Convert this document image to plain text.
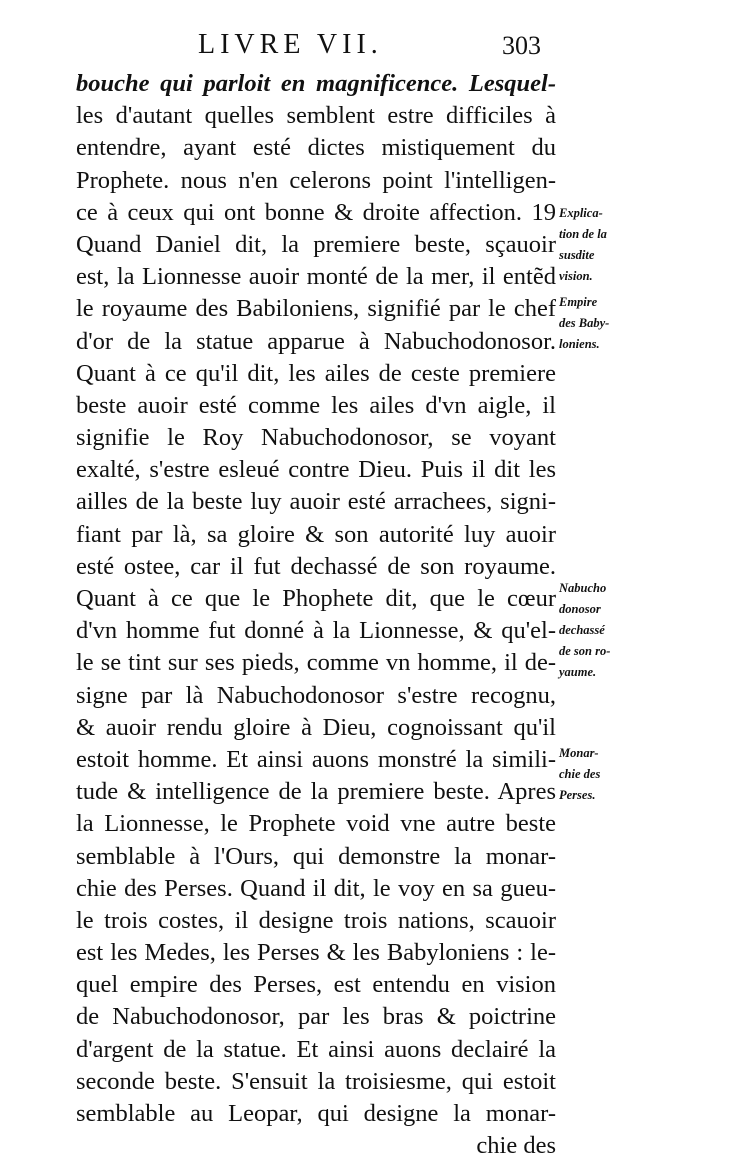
LIVRE VII.	303
bouche qui parloit en magnificence. Lesquel-
les d'autant quelles semblent estre difficiles à
entendre, ayant esté dictes mistiquement du
Prophete. nous n'en celerons point l'intelligen-
ce à ceux qui ont bonne & droite affection. 19
Quand Daniel dit, la premiere beste, sçauoir
est, la Lionnesse auoir monté de la mer, il entẽd
le royaume des Babiloniens, signifié par le chef
d'or de la statue apparue à Nabuchodonosor.
Quant à ce qu'il dit, les ailes de ceste premiere
beste auoir esté comme les ailes d'vn aigle, il
signifie le Roy Nabuchodonosor, se voyant
exalté, s'estre esleué contre Dieu. Puis il dit les
ailles de la beste luy auoir esté arrachees, signi-
fiant par là, sa gloire & son autorité luy auoir
esté ostee, car il fut dechassé de son royaume.
Quant à ce que le Phophete dit, que le cœur
d'vn homme fut donné à la Lionnesse, & qu'el-
le se tint sur ses pieds, comme vn homme, il de-
signe par là Nabuchodonosor s'estre recognu,
& auoir rendu gloire à Dieu, cognoissant qu'il
estoit homme. Et ainsi auons monstré la simili-
tude & intelligence de la premiere beste. Apres
la Lionnesse, le Prophete void vne autre beste
semblable à l'Ours, qui demonstre la monar-
chie des Perses. Quand il dit, le voy en sa gueu-
le trois costes, il designe trois nations, scauoir
est les Medes, les Perses & les Babyloniens : le-
quel empire des Perses, est entendu en vision
de Nabuchodonosor, par les bras & poictrine
d'argent de la statue. Et ainsi auons declairé la
seconde beste. S'ensuit la troisiesme, qui estoit
semblable au Leopar, qui designe la monar-
chie des
Explica-
tion de la
susdite
vision.
Empire
des Baby-
loniens.
Nabucho
donosor
dechassé
de son ro-
yaume.
Monar-
chie des
Perses.
